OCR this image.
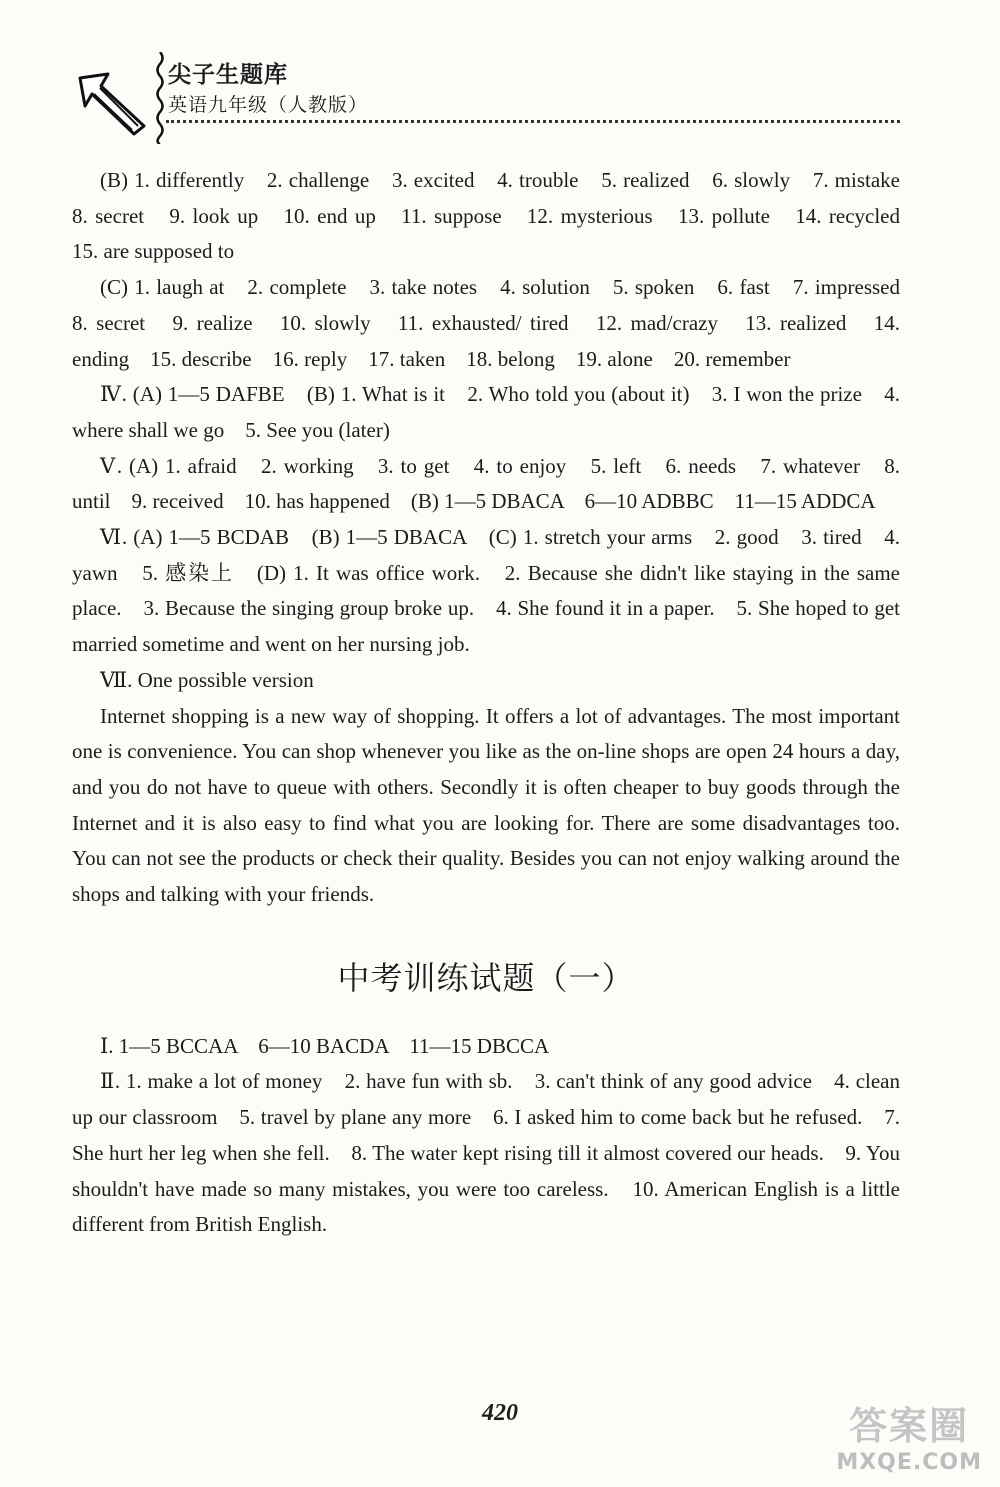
尖子生题库
英语九年级（人教版）

(B) 1. differently　2. challenge　3. excited　4. trouble　5. realized　6. slowly　7. mistake　8. secret　9. look up　10. end up　11. suppose　12. mysterious　13. pollute　14. recycled　15. are supposed to

(C) 1. laugh at　2. complete　3. take notes　4. solution　5. spoken　6. fast　7. impressed　8. secret　9. realize　10. slowly　11. exhausted/ tired　12. mad/crazy　13. realized　14. ending　15. describe　16. reply　17. taken　18. belong　19. alone　20. remember

Ⅳ. (A) 1—5 DAFBE　(B) 1. What is it　2. Who told you (about it)　3. I won the prize　4. where shall we go　5. See you (later)

Ⅴ. (A) 1. afraid　2. working　3. to get　4. to enjoy　5. left　6. needs　7. whatever　8. until　9. received　10. has happened　(B) 1—5 DBACA　6—10 ADBBC　11—15 ADDCA

Ⅵ. (A) 1—5 BCDAB　(B) 1—5 DBACA　(C) 1. stretch your arms　2. good　3. tired　4. yawn　5. 感染上　(D) 1. It was office work.　2. Because she didn't like staying in the same place.　3. Because the singing group broke up.　4. She found it in a paper.　5. She hoped to get married sometime and went on her nursing job.

Ⅶ. One possible version

Internet shopping is a new way of shopping. It offers a lot of advantages. The most important one is convenience. You can shop whenever you like as the on-line shops are open 24 hours a day, and you do not have to queue with others. Secondly it is often cheaper to buy goods through the Internet and it is also easy to find what you are looking for. There are some disadvantages too. You can not see the products or check their quality. Besides you can not enjoy walking around the shops and talking with your friends.

中考训练试题（一）

Ⅰ. 1—5 BCCAA　6—10 BACDA　11—15 DBCCA

Ⅱ. 1. make a lot of money　2. have fun with sb.　3. can't think of any good advice　4. clean up our classroom　5. travel by plane any more　6. I asked him to come back but he refused.　7. She hurt her leg when she fell.　8. The water kept rising till it almost covered our heads.　9. You shouldn't have made so many mistakes, you were too careless.　10. American English is a little different from British English.

420	答案圈
MXQE.COM
